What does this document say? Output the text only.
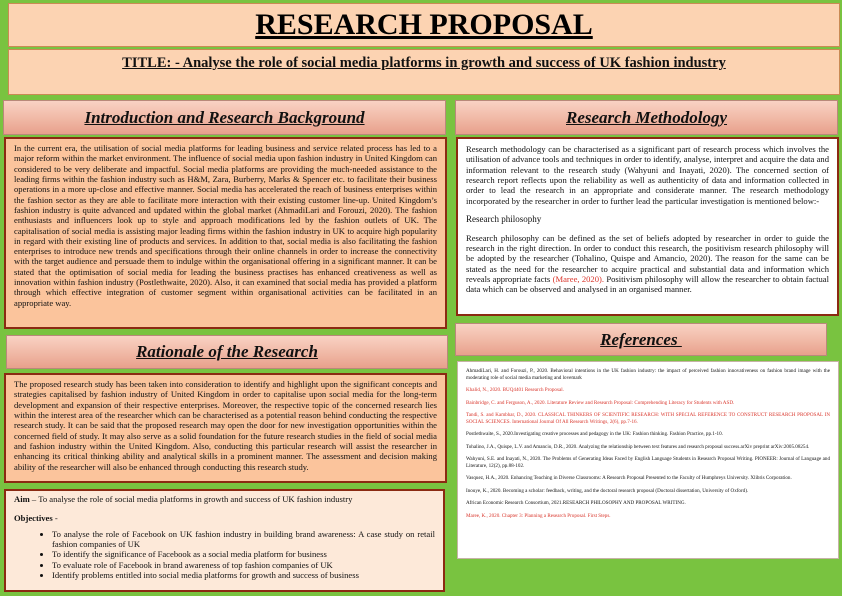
RESEARCH PROPOSAL
TITLE: - Analyse the role of social media platforms in growth and success of UK fashion industry
Introduction and Research Background

In the current era, the utilisation of social media platforms for leading business and service related process has led to a major reform within the market environment. The influence of social media upon fashion industry in United Kingdom can considered to be very deliberate and impactful. Social media platforms are providing the much-needed assistance to the leading firms within the fashion industry such as H&M, Zara, Burberry, Marks & Spencer etc. to facilitate their business operations in a more up-close and effective manner. Social media has accelerated the reach of business enterprises within the fashion sector as they are able to facilitate more interaction with their existing customer line-up. United Kingdom’s fashion industry is quite advanced and updated within the global market (AhmadiLari and Forouzi, 2020). The fashion enthusiasts and influencers look up to style and approach modifications led by the fashion outlets of UK. The capitalisation of social media is assisting major leading firms within the fashion industry in UK to acquire high popularity in regard with their existing line of products and services. In addition to that, social media is also facilitating the fashion enterprises to introduce new trends and specifications through their online channels in order to increase the connectivity with the target audience and persuade them to indulge within the organisational offering in a significant manner. It can be stated that the optimisation of social media for leading the business practises has enhanced creativeness as well as innovation within fashion industry (Postlethwaite, 2020). Also, it can examined that social media has provided a platform through which effective integration of customer segment within organisational activities can be facilitated in an appropriate way.

Rationale of the Research

The proposed research study has been taken into consideration to identify and highlight upon the significant concepts and strategies capitalised by fashion industry of United Kingdom in order to capitalise upon social media for the long-term development and expansion of their respective enterprises. Moreover, the respective topic of the concerned research lies within the interest area of the researcher which can be characterised as a potential reason behind conducting the respective research study. It can be said that the proposed research may open the door for new investigation opportunities within the concerned field of study. It may also serve as a solid foundation for the future research studies in the field of social media and fashion industry within the United Kingdom. Also, conducting this particular research will assist the researcher in enhancing its critical thinking ability and analytical skills in a prominent manner. The assessment and decision making ability of the researcher will also be enhanced through conducting this research study.

Aim – To analyse the role of social media platforms in growth and success of UK fashion industry

Objectives -

• To analyse the role of Facebook on UK fashion industry in building brand awareness: A case study on retail fashion companies of UK
• To identify the significance of Facebook as a social media platform for business
• To evaluate role of Facebook in brand awareness of top fashion companies of UK
• Identify problems entitled into social media platforms for growth and success of business
Research Methodology

Research methodology can be characterised as a significant part of research process which involves the utilisation of advance tools and techniques in order to identify, analyse, interpret and acquire the data and information relevant to the research study (Wahyuni and Inayati, 2020). The concerned section of research report reflects upon the reliability as well as authenticity of data and information collected in order to lead the research in an appropriate and considerate manner. The research methodology incorporated by the researcher in order to further lead the particular investigation is mentioned below:-

Research philosophy

Research philosophy can be defined as the set of beliefs adopted by researcher in order to guide the research in the right direction. In order to conduct this research, the positivism research philosophy will be adopted by the researcher (Tohalino, Quispe and Amancio, 2020). The reason for the same can be stated as the need for the researcher to acquire practical and substantial data and information which reveals appropriate facts (Maree, 2020). Positivism philosophy will allow the researcher to obtain factual data which can be observed and analysed in an organised manner.

References

AhmadiLari, H. and Forouzi, P., 2020. Behavioral intentions in the UK fashion industry: the impact of perceived fashion innovativeness on fashion brand image with the moderating role of social media marketing and lovemark

Khalid, N., 2020. BUQ4401 Research Proposal.

Bainbridge, C. and Ferguson, A., 2020. Literature Review and Research Proposal: Comprehending Literacy for Students with ASD.

Tandi, S. and Kambhar, D., 2020. CLASSICAL THINKERS OF SCIENTIFIC RESEARCH: WITH SPECIAL REFERENCE TO CONSTRUCT RESEARCH PROPOSAL IN SOCIAL SCIENCES. International Journal Of All Research Writings, 2(6), pp.7-16.

Postlethwaite, S., 2020.Investigating creative processes and pedagogy in the UK: Fashion thinking. Fashion Practice, pp.1-10.

Tohalino, J.A., Quispe, L.V. and Amancio, D.R., 2020. Analyzing the relationship between text features and research proposal success.arXiv preprint arXiv:2005.08254.

Wahyuni, S.E. and Inayati, N., 2020. The Problems of Generating Ideas Faced by English Language Students in Research Proposal Writing. PIONEER: Journal of Language and Literature, 12(2), pp.88-102.

Vasquez, H.A., 2020. Enhancing Teaching in Diverse Classrooms: A Research Proposal Presented to the Faculty of Humphreys University. Xlibris Corporation.

Inouye, K., 2020. Becoming a scholar: feedback, writing, and the doctoral research proposal (Doctoral dissertation, University of Oxford).

African Economic Research Consortium, 2021.RESEARCH PHILOSOPHY AND PROPOSAL WRITING.

Maree, K., 2020. Chapter 3: Planning a Research Proposal. First Steps.
